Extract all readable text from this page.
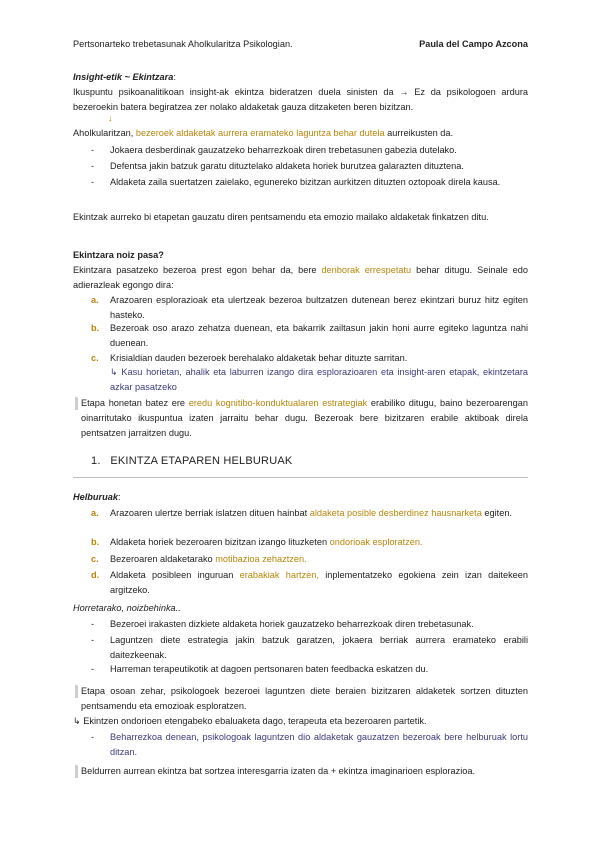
Pertsonarteko trebetasunak Aholkularitza Psikologian.	Paula del Campo Azcona
Insight-etik ~ Ekintzara:
Ikuspuntu psikoanalitikoan insight-ak ekintza bideratzen duela sinisten da → Ez da psikologoen ardura bezeroekin batera begiratzea zer nolako aldaketak gauza ditzaketen beren bizitzan.
↓
Aholkularitzan, bezeroek aldaketak aurrera eramateko laguntza behar dutela aurreikusten da.
- Jokaera desberdinak gauzatzeko beharrezkoak diren trebetasunen gabezia dutelako.
- Defentsa jakin batzuk garatu dituztelako aldaketa horiek burutzea galarazten dituztena.
- Aldaketa zaila suertatzen zaielako, egunereko bizitzan aurkitzen dituzten oztopoak direla kausa.
Ekintzak aurreko bi etapetan gauzatu diren pentsamendu eta emozio mailako aldaketak finkatzen ditu.
Ekintzara noiz pasa?
Ekintzara pasatzeko bezeroa prest egon behar da, bere denborak errespetatu behar ditugu. Seinale edo adierazleak egongo dira:
a. Arazoaren esplorazioak eta ulertzeak bezeroa bultzatzen dutenean berez ekintzari buruz hitz egiten hasteko.
b. Bezeroak oso arazo zehatza duenean, eta bakarrik zailtasun jakin honi aurre egiteko laguntza nahi duenean.
c. Krisialdian dauden bezeroek berehalako aldaketak behar dituzte sarritan.
↳ Kasu horietan, ahalik eta laburren izango dira esplorazioaren eta insight-aren etapak, ekintzetara azkar pasatzeko
Etapa honetan batez ere eredu kognitibo-konduktualaren estrategiak erabiliko ditugu, baino bezeroarengan oinarritutako ikuspuntua izaten jarraitu behar dugu. Bezeroak bere bizitzaren erabile aktiboak direla pentsatzen jarraitzen dugu.
1. EKINTZA ETAPAREN HELBURUAK
Helburuak:
a. Arazoaren ulertze berriak islatzen dituen hainbat aldaketa posible desberdinez hausnarketa egiten.
b. Aldaketa horiek bezeroaren bizitzan izango lituzketen ondorioak esploratzen.
c. Bezeroaren aldaketarako motibazioa zehaztzen.
d. Aldaketa posibleen inguruan erabakiak hartzen, inplementatzeko egokiena zein izan daitekeen argitzeko.
Horretarako, noizbehinka..
- Bezeroei irakasten dizkiete aldaketa horiek gauzatzeko beharrezkoak diren trebetasunak.
- Laguntzen diete estrategia jakin batzuk garatzen, jokaera berriak aurrera eramateko erabili daitezkeenak.
- Harreman terapeutikotik at dagoen pertsonaren baten feedbacka eskatzen du.
Etapa osoan zehar, psikologoek bezeroei laguntzen diete beraien bizitzaren aldaketek sortzen dituzten pentsamendu eta emozioak esploratzen.
↳ Ekintzen ondorioen etengabeko ebaluaketa dago, terapeuta eta bezeroaren partetik.
- Beharrezkoa denean, psikologoak laguntzen dio aldaketak gauzatzen bezeroak bere helburuak lortu ditzan.
Beldurren aurrean ekintza bat sortzea interesgarria izaten da + ekintza imaginarioen esplorazioa.
